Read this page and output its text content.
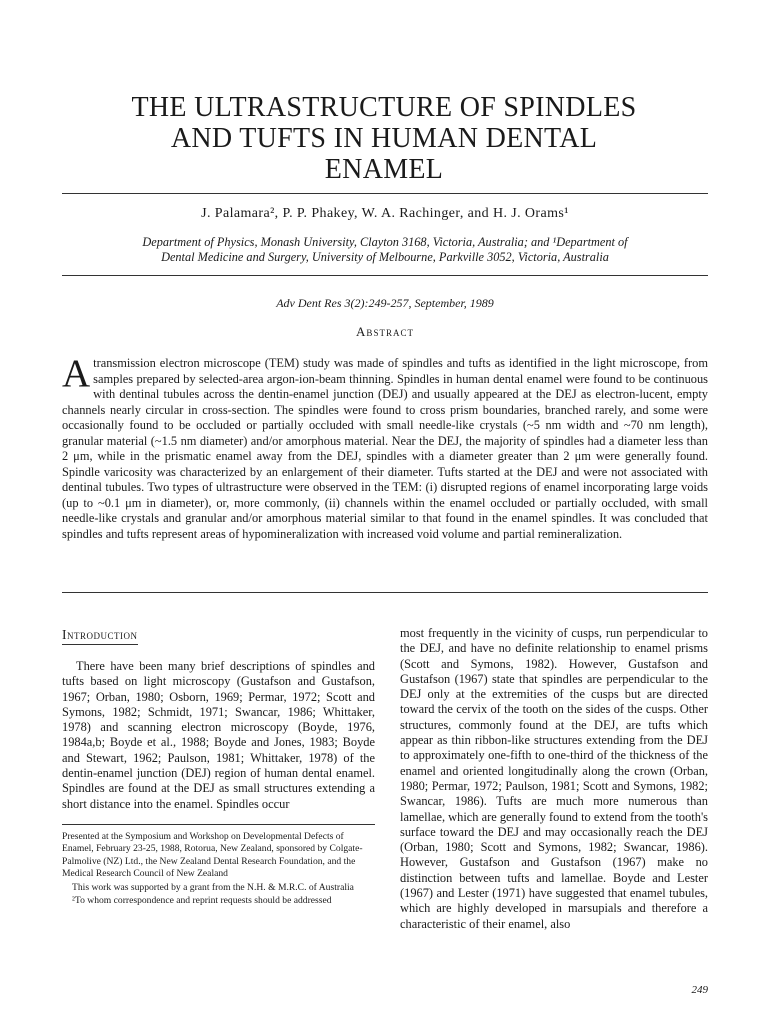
THE ULTRASTRUCTURE OF SPINDLES
AND TUFTS IN HUMAN DENTAL
ENAMEL
J. Palamara², P. P. Phakey, W. A. Rachinger, and H. J. Orams¹
Department of Physics, Monash University, Clayton 3168, Victoria, Australia; and ¹Department of
Dental Medicine and Surgery, University of Melbourne, Parkville 3052, Victoria, Australia
Adv Dent Res 3(2):249-257, September, 1989
Abstract

Atransmission electron microscope (TEM) study was made of spindles and tufts as identified in the light microscope, from samples prepared by selected-area argon-ion-beam thinning. Spindles in human dental enamel were found to be continuous with dentinal tubules across the dentin-enamel junction (DEJ) and usually appeared at the DEJ as electron-lucent, empty channels nearly circular in cross-section. The spindles were found to cross prism boundaries, branched rarely, and some were occasionally found to be occluded or partially occluded with small needle-like crystals (~5 nm width and ~70 nm length), granular material (~1.5 nm diameter) and/or amorphous material. Near the DEJ, the majority of spindles had a diameter less than 2 μm, while in the prismatic enamel away from the DEJ, spindles with a diameter greater than 2 μm were generally found. Spindle varicosity was characterized by an enlargement of their diameter. Tufts started at the DEJ and were not associated with dentinal tubules. Two types of ultrastructure were observed in the TEM: (i) disrupted regions of enamel incorporating large voids (up to ~0.1 μm in diameter), or, more commonly, (ii) channels within the enamel occluded or partially occluded, with small needle-like crystals and granular and/or amorphous material similar to that found in the enamel spindles. It was concluded that spindles and tufts represent areas of hypomineralization with increased void volume and partial remineralization.

Introduction

There have been many brief descriptions of spindles and tufts based on light microscopy (Gustafson and Gustafson, 1967; Orban, 1980; Osborn, 1969; Permar, 1972; Scott and Symons, 1982; Schmidt, 1971; Swancar, 1986; Whittaker, 1978) and scanning electron microscopy (Boyde, 1976, 1984a,b; Boyde et al., 1988; Boyde and Jones, 1983; Boyde and Stewart, 1962; Paulson, 1981; Whittaker, 1978) of the dentin-enamel junction (DEJ) region of human dental enamel. Spindles are found at the DEJ as small structures extending a short distance into the enamel. Spindles occur

Presented at the Symposium and Workshop on Developmental Defects of Enamel, February 23-25, 1988, Rotorua, New Zealand, sponsored by Colgate-Palmolive (NZ) Ltd., the New Zealand Dental Research Foundation, and the Medical Research Council of New Zealand

This work was supported by a grant from the N.H. & M.R.C. of Australia

²To whom correspondence and reprint requests should be addressed

most frequently in the vicinity of cusps, run perpendicular to the DEJ, and have no definite relationship to enamel prisms (Scott and Symons, 1982). However, Gustafson and Gustafson (1967) state that spindles are perpendicular to the DEJ only at the extremities of the cusps but are directed toward the cervix of the tooth on the sides of the cusps. Other structures, commonly found at the DEJ, are tufts which appear as thin ribbon-like structures extending from the DEJ to approximately one-fifth to one-third of the thickness of the enamel and oriented longitudinally along the crown (Orban, 1980; Permar, 1972; Paulson, 1981; Scott and Symons, 1982; Swancar, 1986). Tufts are much more numerous than lamellae, which are generally found to extend from the tooth's surface toward the DEJ and may occasionally reach the DEJ (Orban, 1980; Scott and Symons, 1982; Swancar, 1986). However, Gustafson and Gustafson (1967) make no distinction between tufts and lamellae. Boyde and Lester (1967) and Lester (1971) have suggested that enamel tubules, which are highly developed in marsupials and therefore a characteristic of their enamel, also

249
